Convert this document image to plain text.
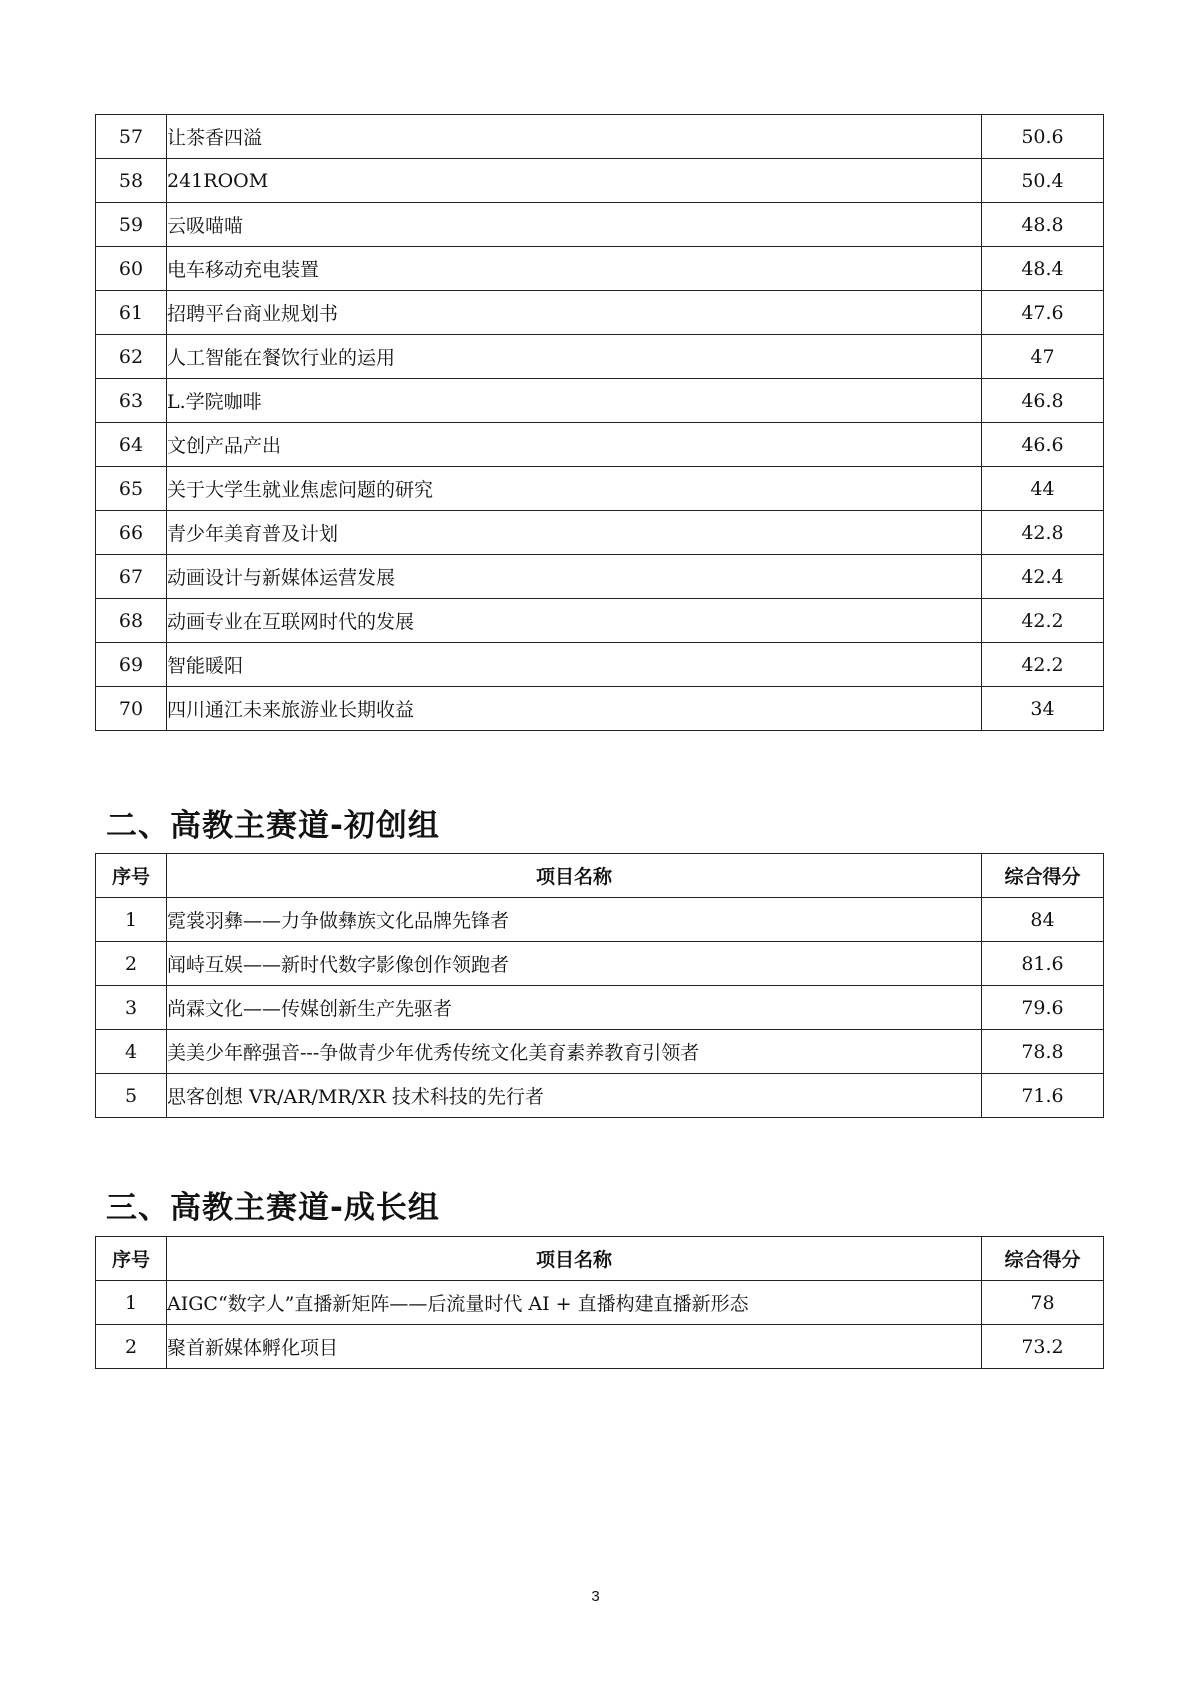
57	让茶香四溢	50.6
58	241ROOM	50.4
59	云吸喵喵	48.8
60	电车移动充电装置	48.4
61	招聘平台商业规划书	47.6
62	人工智能在餐饮行业的运用	47
63	L.学院咖啡	46.8
64	文创产品产出	46.6
65	关于大学生就业焦虑问题的研究	44
66	青少年美育普及计划	42.8
67	动画设计与新媒体运营发展	42.4
68	动画专业在互联网时代的发展	42.2
69	智能暖阳	42.2
70	四川通江未来旅游业长期收益	34
二、高教主赛道-初创组
序号	项目名称	综合得分
1	霓裳羽彝——力争做彝族文化品牌先锋者	84
2	闻峙互娱——新时代数字影像创作领跑者	81.6
3	尚霖文化——传媒创新生产先驱者	79.6
4	美美少年醉强音---争做青少年优秀传统文化美育素养教育引领者	78.8
5	思客创想 VR/AR/MR/XR 技术科技的先行者	71.6
三、高教主赛道-成长组
序号	项目名称	综合得分
1	AIGC“数字人”直播新矩阵——后流量时代 AI + 直播构建直播新形态	78
2	聚首新媒体孵化项目	73.2
3
